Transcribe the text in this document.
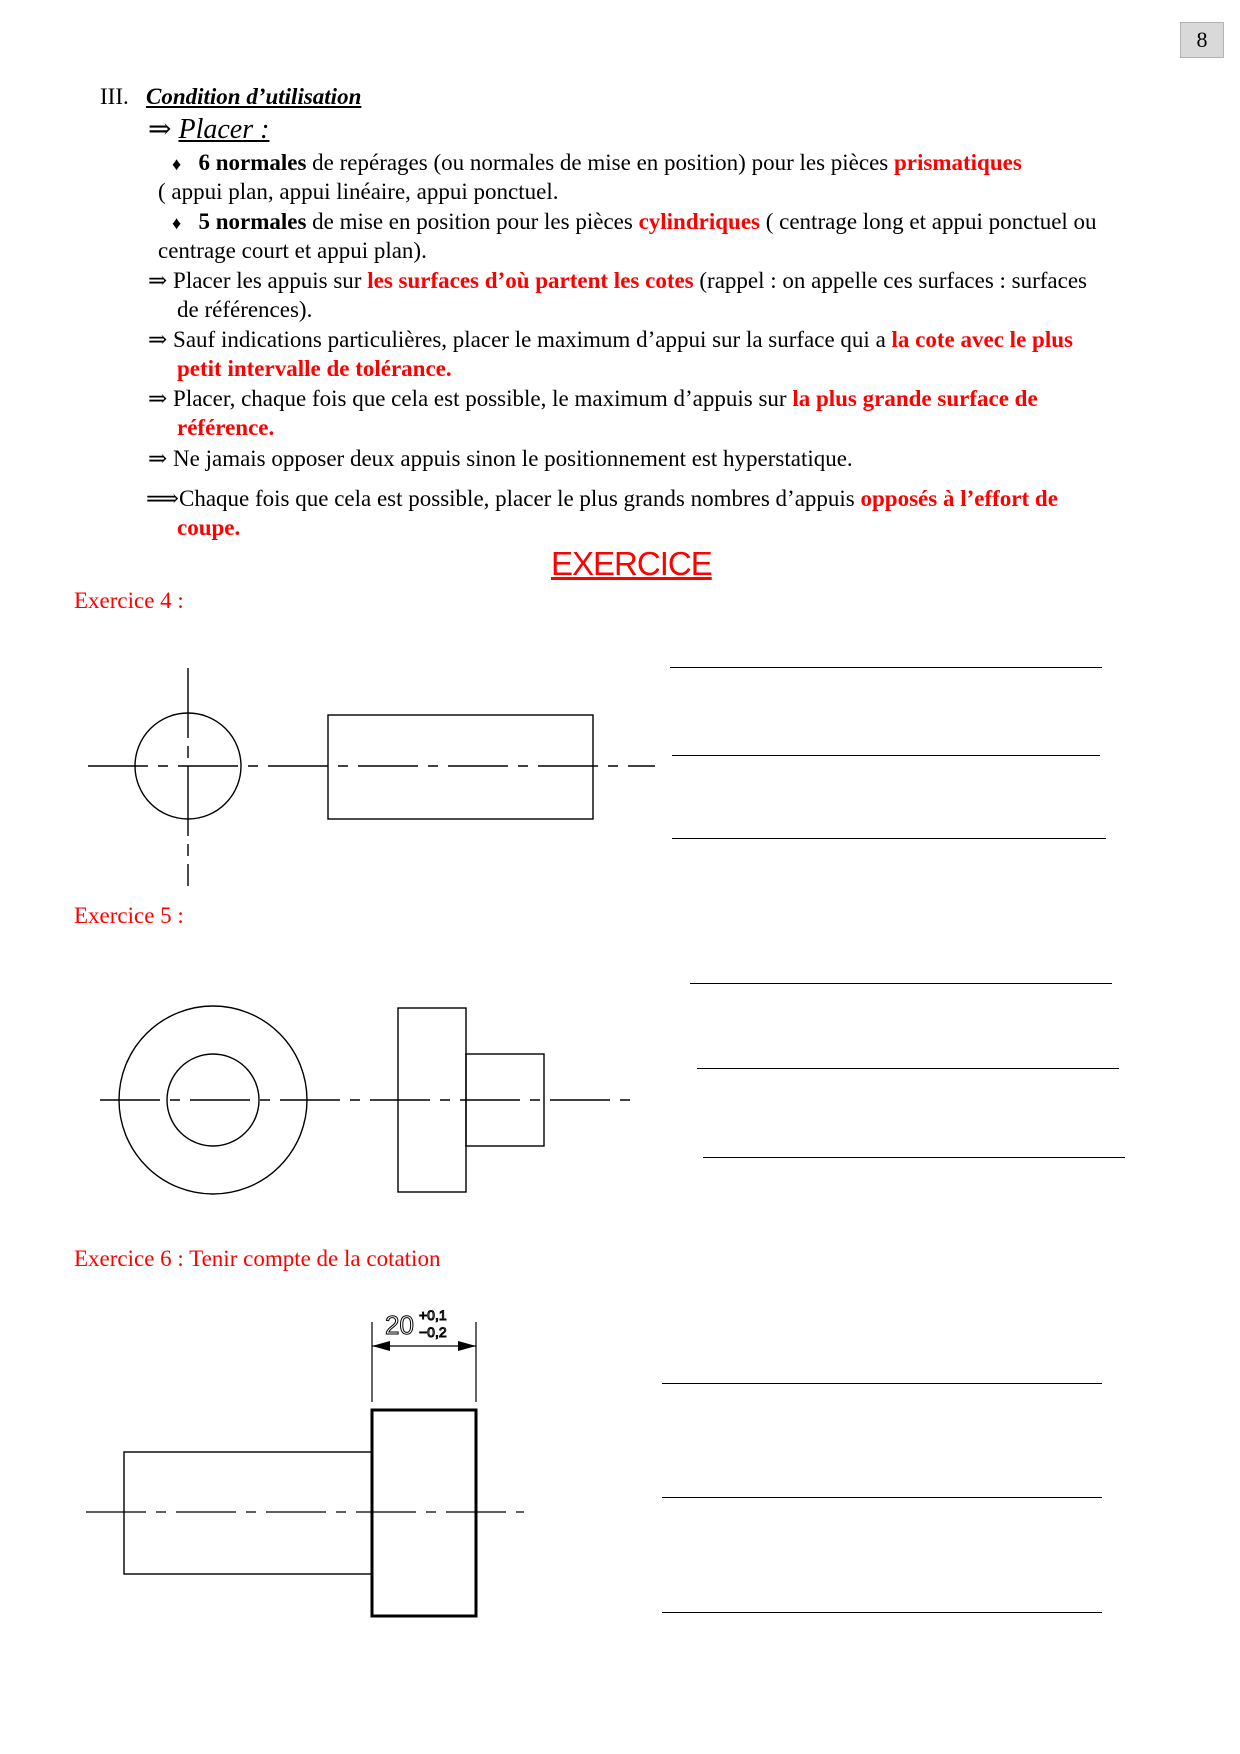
8
III. Condition d’utilisation
⇒ Placer :
♦ 6 normales de repérages (ou normales de mise en position) pour les pièces prismatiques
( appui plan, appui linéaire, appui ponctuel.
♦ 5 normales de mise en position pour les pièces cylindriques ( centrage long et appui ponctuel ou
centrage court et appui plan).
⇒ Placer les appuis sur les surfaces d’où partent les cotes (rappel : on appelle ces surfaces : surfaces
de références).
⇒ Sauf indications particulières, placer le maximum d’appui sur la surface qui a la cote avec le plus
petit intervalle de tolérance.
⇒ Placer, chaque fois que cela est possible, le maximum d’appuis sur la plus grande surface de
référence.
⇒ Ne jamais opposer deux appuis sinon le positionnement est hyperstatique.
⟹Chaque fois que cela est possible, placer le plus grands nombres d’appuis opposés à l’effort de
coupe.
EXERCICE
Exercice 4 :
Exercice 5 :
Exercice 6 : Tenir compte de la cotation
20 +0,1
−0,2
